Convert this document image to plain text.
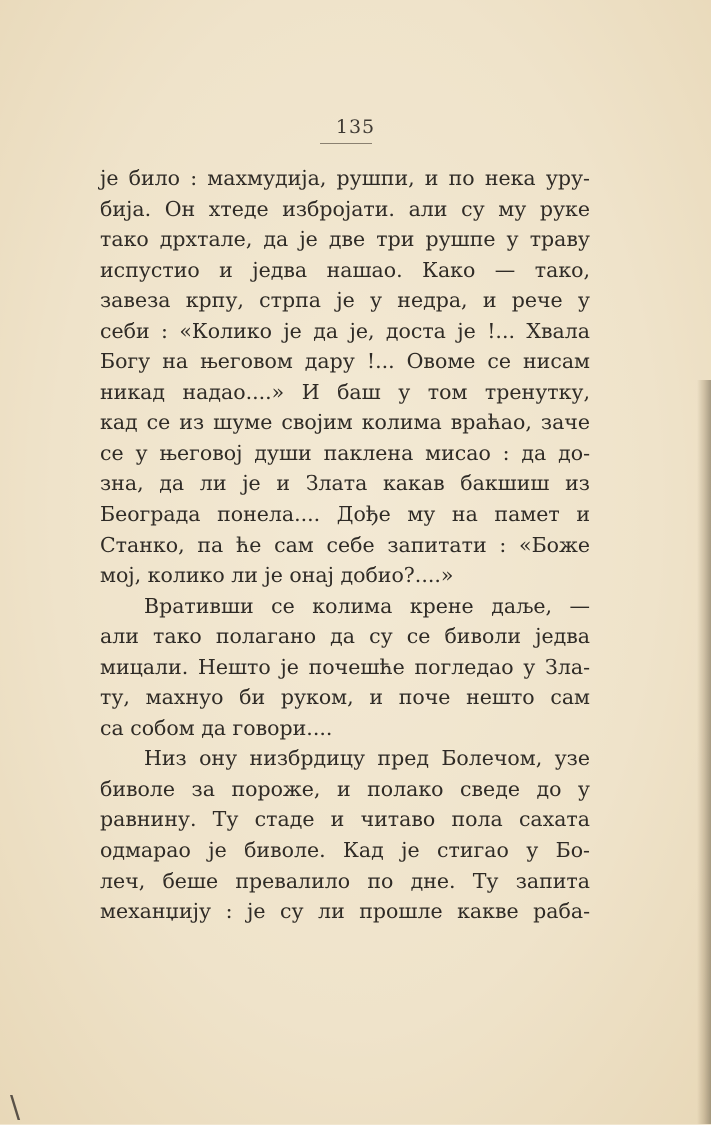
135
је било : махмудија, рушпи, и по нека уру-
бија. Он хтеде избројати. али су му руке
тако дрхтале, да је две три рушпе у траву
испустио и једва нашао. Како — тако,
завеза крпу, стрпа је у недра, и рече у
себи : «Колико је да је, доста је !... Хвала
Богу на његовом дару !... Овоме се нисам
никад надао....» И баш у том тренутку,
кад се из шуме својим колима враћао, заче
се у његовој души паклена мисао : да до-
зна, да ли је и Злата какав бакшиш из
Београда понела.... Дође му на памет и
Станко, па ће сам себе запитати : «Боже
мој, колико ли је онај добио?....»
Вративши се колима крене даље, —
али тако полагано да су се биволи једва
мицали. Нешто је почешће погледао у Зла-
ту, махнуо би руком, и поче нешто сам
са собом да говори....
Низ ону низбрдицу пред Болечом, узе
биволе за пороже, и полако сведе до у
равнину. Ту стаде и читаво пола сахата
одмарао је биволе. Кад је стигао у Бо-
леч, беше превалило по дне. Ту запита
механџију : је су ли прошле какве раба-
\
